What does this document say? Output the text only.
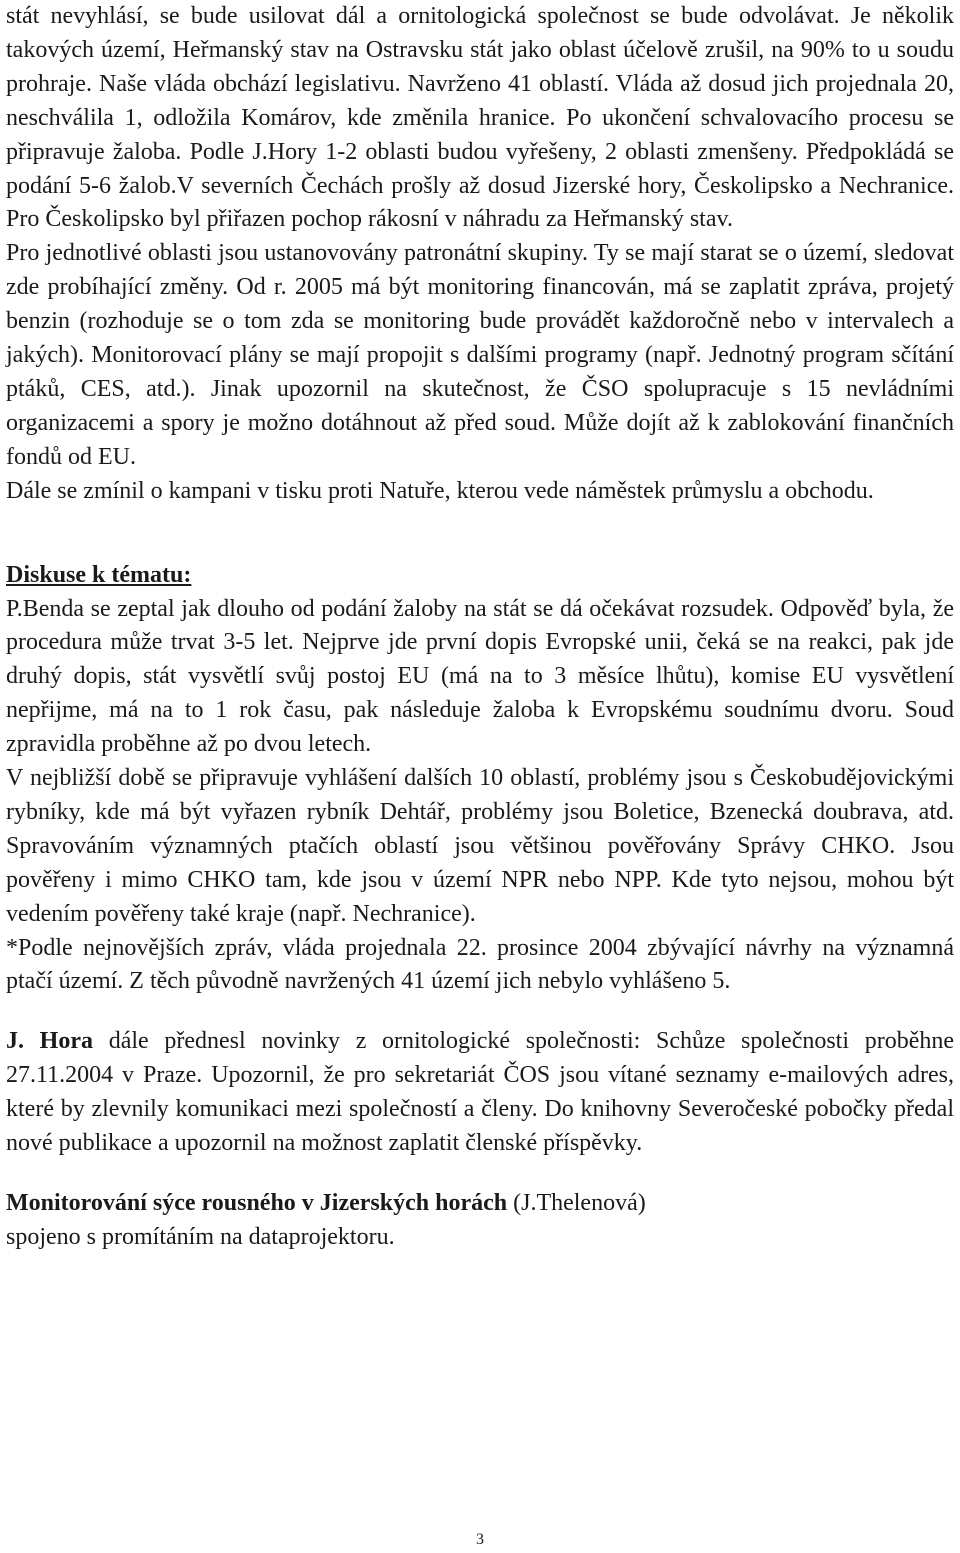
stát nevyhlásí, se bude usilovat dál a ornitologická společnost se bude odvolávat. Je několik takových území, Heřmanský stav na Ostravsku stát jako oblast účelově zrušil, na 90% to u soudu prohraje. Naše vláda obchází legislativu. Navrženo 41 oblastí. Vláda až dosud jich projednala 20, neschválila 1, odložila Komárov, kde změnila hranice. Po ukončení schvalovacího procesu se připravuje žaloba. Podle J.Hory 1-2 oblasti budou vyřešeny, 2 oblasti zmenšeny. Předpokládá se podání 5-6 žalob.V severních Čechách prošly až dosud Jizerské hory, Českolipsko a Nechranice. Pro Českolipsko byl přiřazen pochop rákosní v náhradu za Heřmanský stav.

Pro jednotlivé oblasti jsou ustanovovány patronátní skupiny. Ty se mají starat se o území, sledovat zde probíhající změny. Od r. 2005 má být monitoring financován, má se zaplatit zpráva, projetý benzin (rozhoduje se o tom zda se monitoring bude provádět každoročně nebo v intervalech a jakých). Monitorovací plány se mají propojit s dalšími programy (např. Jednotný program sčítání ptáků, CES, atd.). Jinak upozornil na skutečnost, že ČSO spolupracuje s 15 nevládními organizacemi a spory je možno dotáhnout až před soud. Může dojít až k zablokování finančních fondů od EU.

Dále se zmínil o kampani v tisku proti Natuře, kterou vede náměstek průmyslu a obchodu.

Diskuse k tématu:

P.Benda se zeptal jak dlouho od podání žaloby na stát se dá očekávat rozsudek. Odpověď byla, že procedura může trvat 3-5 let. Nejprve jde první dopis Evropské unii, čeká se na reakci, pak jde druhý dopis, stát vysvětlí svůj postoj EU (má na to 3 měsíce lhůtu), komise EU vysvětlení nepřijme, má na to 1 rok času, pak následuje žaloba k Evropskému soudnímu dvoru. Soud zpravidla proběhne až po dvou letech.

V nejbližší době se připravuje vyhlášení dalších 10 oblastí, problémy jsou s Českobudějovickými rybníky, kde má být vyřazen rybník Dehtář, problémy jsou Boletice, Bzenecká doubrava, atd. Spravováním významných ptačích oblastí jsou většinou pověřovány Správy CHKO. Jsou pověřeny i mimo CHKO tam, kde jsou v území NPR nebo NPP. Kde tyto nejsou, mohou být vedením pověřeny také kraje (např. Nechranice).

*Podle nejnovějších zpráv, vláda projednala 22. prosince 2004 zbývající návrhy na významná ptačí území. Z těch původně navržených 41 území jich nebylo vyhlášeno 5.

J. Hora dále přednesl novinky z ornitologické společnosti: Schůze společnosti proběhne 27.11.2004 v Praze. Upozornil, že pro sekretariát ČOS jsou vítané seznamy e-mailových adres, které by zlevnily komunikaci mezi společností a členy. Do knihovny Severočeské pobočky předal nové publikace a upozornil na možnost zaplatit členské příspěvky.

Monitorování sýce rousného v Jizerských horách (J.Thelenová)

spojeno s promítáním na dataprojektoru.

3
